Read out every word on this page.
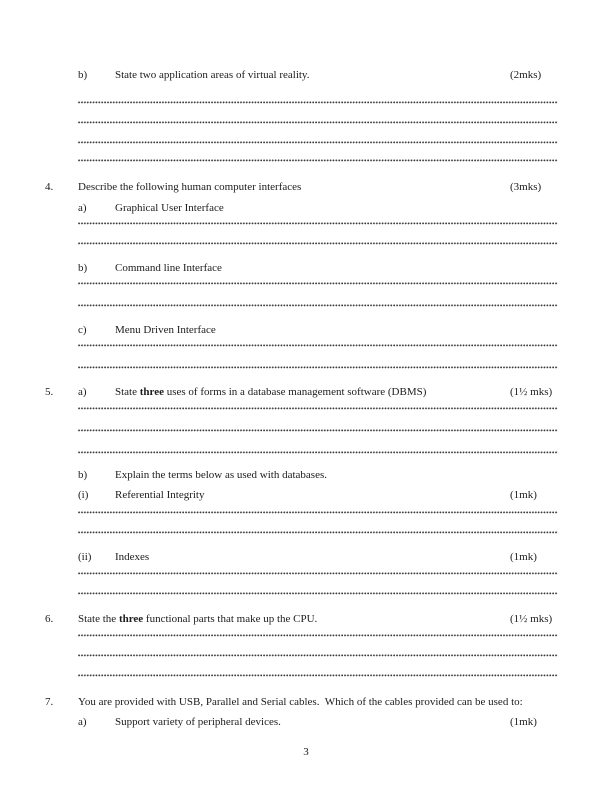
3
b)	State two application areas of virtual reality.	(2mks)
4. Describe the following human computer interfaces	(3mks)
a)	Graphical User Interface
b)	Command line Interface
c)	Menu Driven Interface
5. a)	State three uses of forms in a database management software (DBMS)	(1½ mks)
b)	Explain the terms below as used with databases.
(i) Referential Integrity	(1mk)
(ii) Indexes	(1mk)
6. State the three functional parts that make up the CPU.	(1½ mks)
7. You are provided with USB, Parallel and Serial cables.  Which of the cables provided can be used to:
a)	Support variety of peripheral devices.	(1mk)
